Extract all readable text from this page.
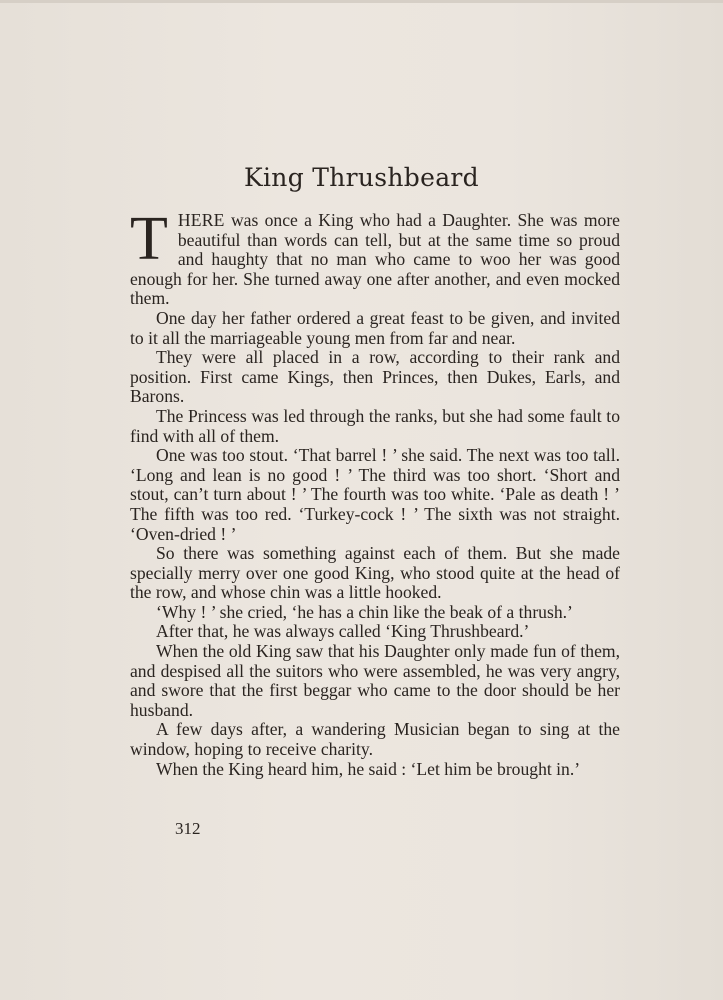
King Thrushbeard

THERE was once a King who had a Daughter. She was more beautiful than words can tell, but at the same time so proud and haughty that no man who came to woo her was good enough for her. She turned away one after another, and even mocked them.

One day her father ordered a great feast to be given, and invited to it all the marriageable young men from far and near.

They were all placed in a row, according to their rank and position. First came Kings, then Princes, then Dukes, Earls, and Barons.

The Princess was led through the ranks, but she had some fault to find with all of them.

One was too stout. ‘That barrel ! ’ she said. The next was too tall. ‘Long and lean is no good ! ’ The third was too short. ‘Short and stout, can’t turn about ! ’ The fourth was too white. ‘Pale as death ! ’ The fifth was too red. ‘Turkey-cock ! ’ The sixth was not straight. ‘Oven-dried ! ’

So there was something against each of them. But she made specially merry over one good King, who stood quite at the head of the row, and whose chin was a little hooked.

‘Why ! ’ she cried, ‘he has a chin like the beak of a thrush.’

After that, he was always called ‘King Thrushbeard.’

When the old King saw that his Daughter only made fun of them, and despised all the suitors who were assembled, he was very angry, and swore that the first beggar who came to the door should be her husband.

A few days after, a wandering Musician began to sing at the window, hoping to receive charity.

When the King heard him, he said : ‘Let him be brought in.’

312
